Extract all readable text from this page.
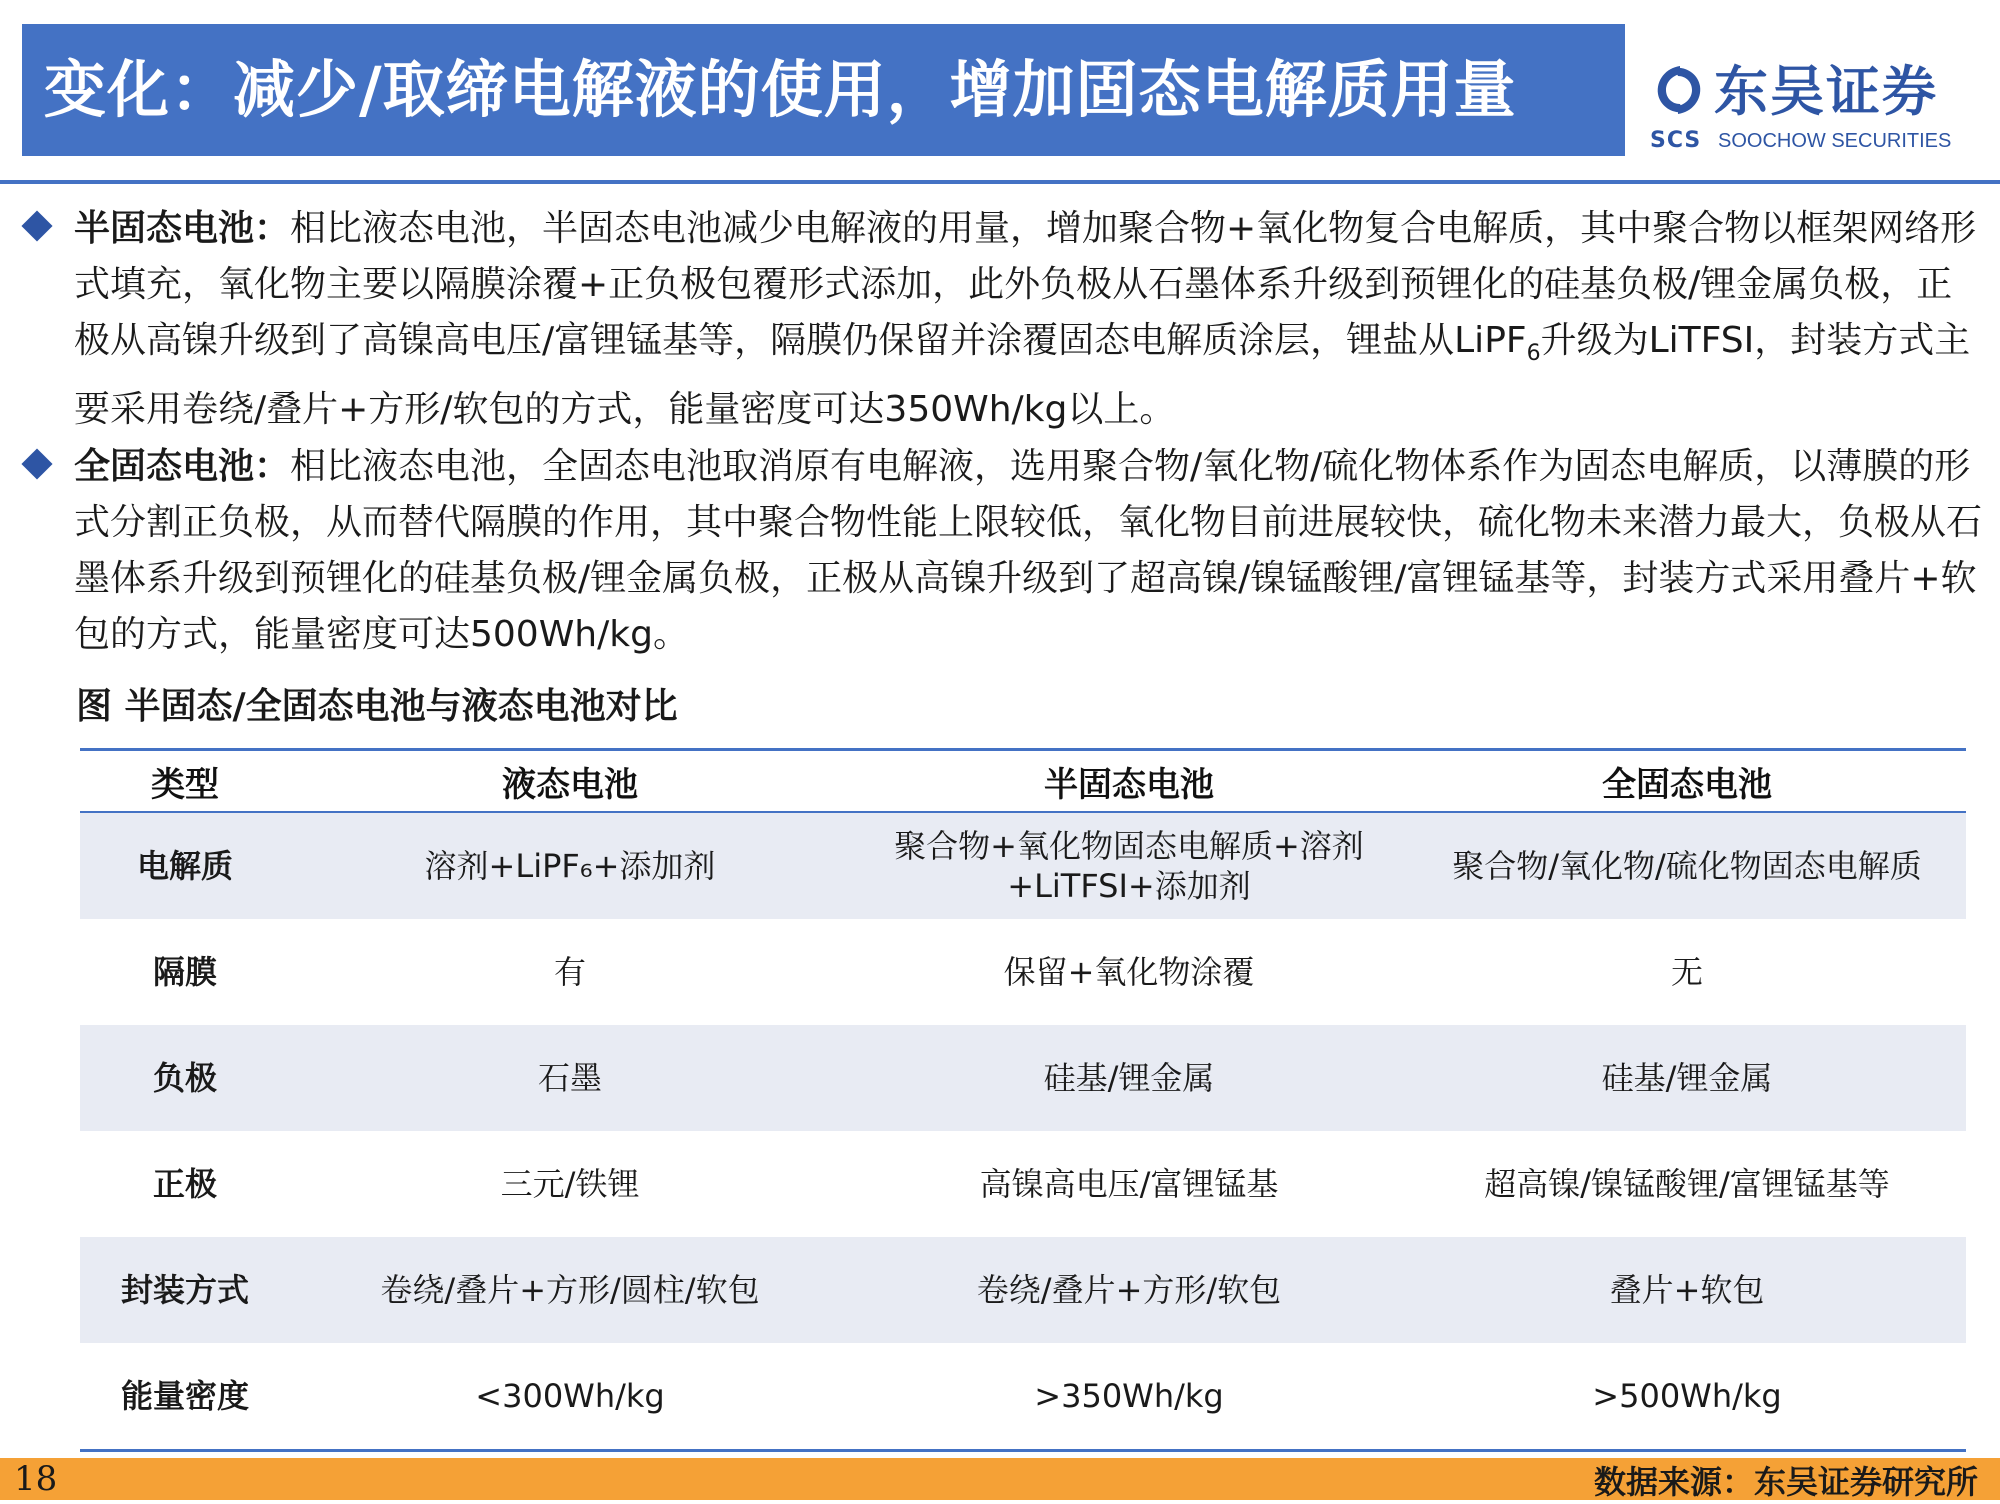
变化：减少/取缔电解液的使用，增加固态电解质用量	东吴证券
SCS SOOCHOW SECURITIES
半固态电池：相比液态电池，半固态电池减少电解液的用量，增加聚合物+氧化物复合电解质，其中聚合物以框架网络形式填充，氧化物主要以隔膜涂覆+正负极包覆形式添加，此外负极从石墨体系升级到预锂化的硅基负极/锂金属负极，正极从高镍升级到了高镍高电压/富锂锰基等，隔膜仍保留并涂覆固态电解质涂层，锂盐从LiPF$_6$升级为LiTFSI，封装方式主要采用卷绕/叠片+方形/软包的方式，能量密度可达350Wh/kg以上。
全固态电池：相比液态电池，全固态电池取消原有电解液，选用聚合物/氧化物/硫化物体系作为固态电解质，以薄膜的形式分割正负极，从而替代隔膜的作用，其中聚合物性能上限较低，氧化物目前进展较快，硫化物未来潜力最大，负极从石墨体系升级到预锂化的硅基负极/锂金属负极，正极从高镍升级到了超高镍/镍锰酸锂/富锂锰基等，封装方式采用叠片+软包的方式，能量密度可达500Wh/kg。
图 半固态/全固态电池与液态电池对比
类型	液态电池	半固态电池	全固态电池
电解质	溶剂+LiPF₆+添加剂	聚合物+氧化物固态电解质+溶剂+LiTFSI+添加剂	聚合物/氧化物/硫化物固态电解质
隔膜	有	保留+氧化物涂覆	无
负极	石墨	硅基/锂金属	硅基/锂金属
正极	三元/铁锂	高镍高电压/富锂锰基	超高镍/镍锰酸锂/富锂锰基等
封装方式	卷绕/叠片+方形/圆柱/软包	卷绕/叠片+方形/软包	叠片+软包
能量密度	<300Wh/kg	>350Wh/kg	>500Wh/kg
18	数据来源：东吴证券研究所
